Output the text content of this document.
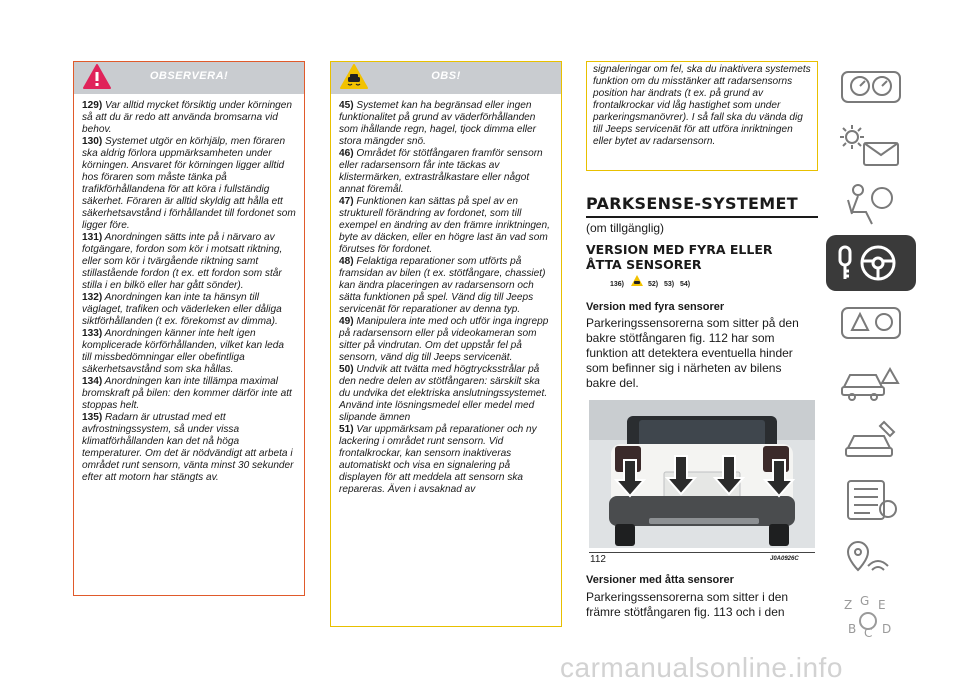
OBSERVERA!

129) Var alltid mycket försiktig under körningen så att du är redo att använda bromsarna vid behov.

130) Systemet utgör en körhjälp, men föraren ska aldrig förlora uppmärksamheten under körningen. Ansvaret för körningen ligger alltid hos föraren som måste tänka på trafikförhållandena för att köra i fullständig säkerhet. Föraren är alltid skyldig att hålla ett säkerhetsavstånd i förhållandet till fordonet som ligger före.

131) Anordningen sätts inte på i närvaro av fotgängare, fordon som kör i motsatt riktning, eller som kör i tvärgående riktning samt stillastående fordon (t ex. ett fordon som står stilla i en bilkö eller har gått sönder).

132) Anordningen kan inte ta hänsyn till väglaget, trafiken och väderleken eller dåliga siktförhållanden (t ex. förekomst av dimma).

133) Anordningen känner inte helt igen komplicerade körförhållanden, vilket kan leda till missbedömningar eller obefintliga säkerhetsavstånd som ska hållas.

134) Anordningen kan inte tillämpa maximal bromskraft på bilen: den kommer därför inte att stoppas helt.

135) Radarn är utrustad med ett avfrostningssystem, så under vissa klimatförhållanden kan det nå höga temperaturer. Om det är nödvändigt att arbeta i området runt sensorn, vänta minst 30 sekunder efter att motorn har stängts av.

OBS!

45) Systemet kan ha begränsad eller ingen funktionalitet på grund av väderförhållanden som ihållande regn, hagel, tjock dimma eller stora mängder snö.

46) Området för stötfångaren framför sensorn eller radarsensorn får inte täckas av klistermärken, extrastrålkastare eller något annat föremål.

47) Funktionen kan sättas på spel av en strukturell förändring av fordonet, som till exempel en ändring av den främre inriktningen, byte av däcken, eller en högre last än vad som förutses för fordonet.

48) Felaktiga reparationer som utförts på framsidan av bilen (t ex. stötfångare, chassiet) kan ändra placeringen av radarsensorn och sätta funktionen på spel. Vänd dig till Jeeps servicenät för reparationer av denna typ.

49) Manipulera inte med och utför inga ingrepp på radarsensorn eller på videokameran som sitter på vindrutan. Om det uppstår fel på sensorn, vänd dig till Jeeps servicenät.

50) Undvik att tvätta med högtrycksstrålar på den nedre delen av stötfångaren: särskilt ska du undvika det elektriska anslutningssystemet. Använd inte lösningsmedel eller medel med slipande ämnen

51) Var uppmärksam på reparationer och ny lackering i området runt sensorn. Vid frontalkrockar, kan sensorn inaktiveras automatiskt och visa en signalering på displayen för att meddela att sensorn ska repareras. Även i avsaknad av

signaleringar om fel, ska du inaktivera systemets funktion om du misstänker att radarsensorns position har ändrats (t ex. på grund av frontalkrockar vid låg hastighet som under parkeringsmanövrer). I så fall ska du vända dig till Jeeps servicenät för att utföra inriktningen eller bytet av radarsensorn.

PARKSENSE-SYSTEMET
(om tillgänglig)
VERSION MED FYRA ELLER ÅTTA SENSORER
136)	52) 53) 54)
Version med fyra sensorer
Parkeringssensorerna som sitter på den bakre stötfångaren fig. 112 har som funktion att detektera eventuella hinder som befinner sig i närheten av bilens bakre del.
112	J0A0926C
Versioner med åtta sensorer
Parkeringssensorerna som sitter i den främre stötfångaren fig. 113 och i den	Z G E
B C D
carmanualsonline.info
